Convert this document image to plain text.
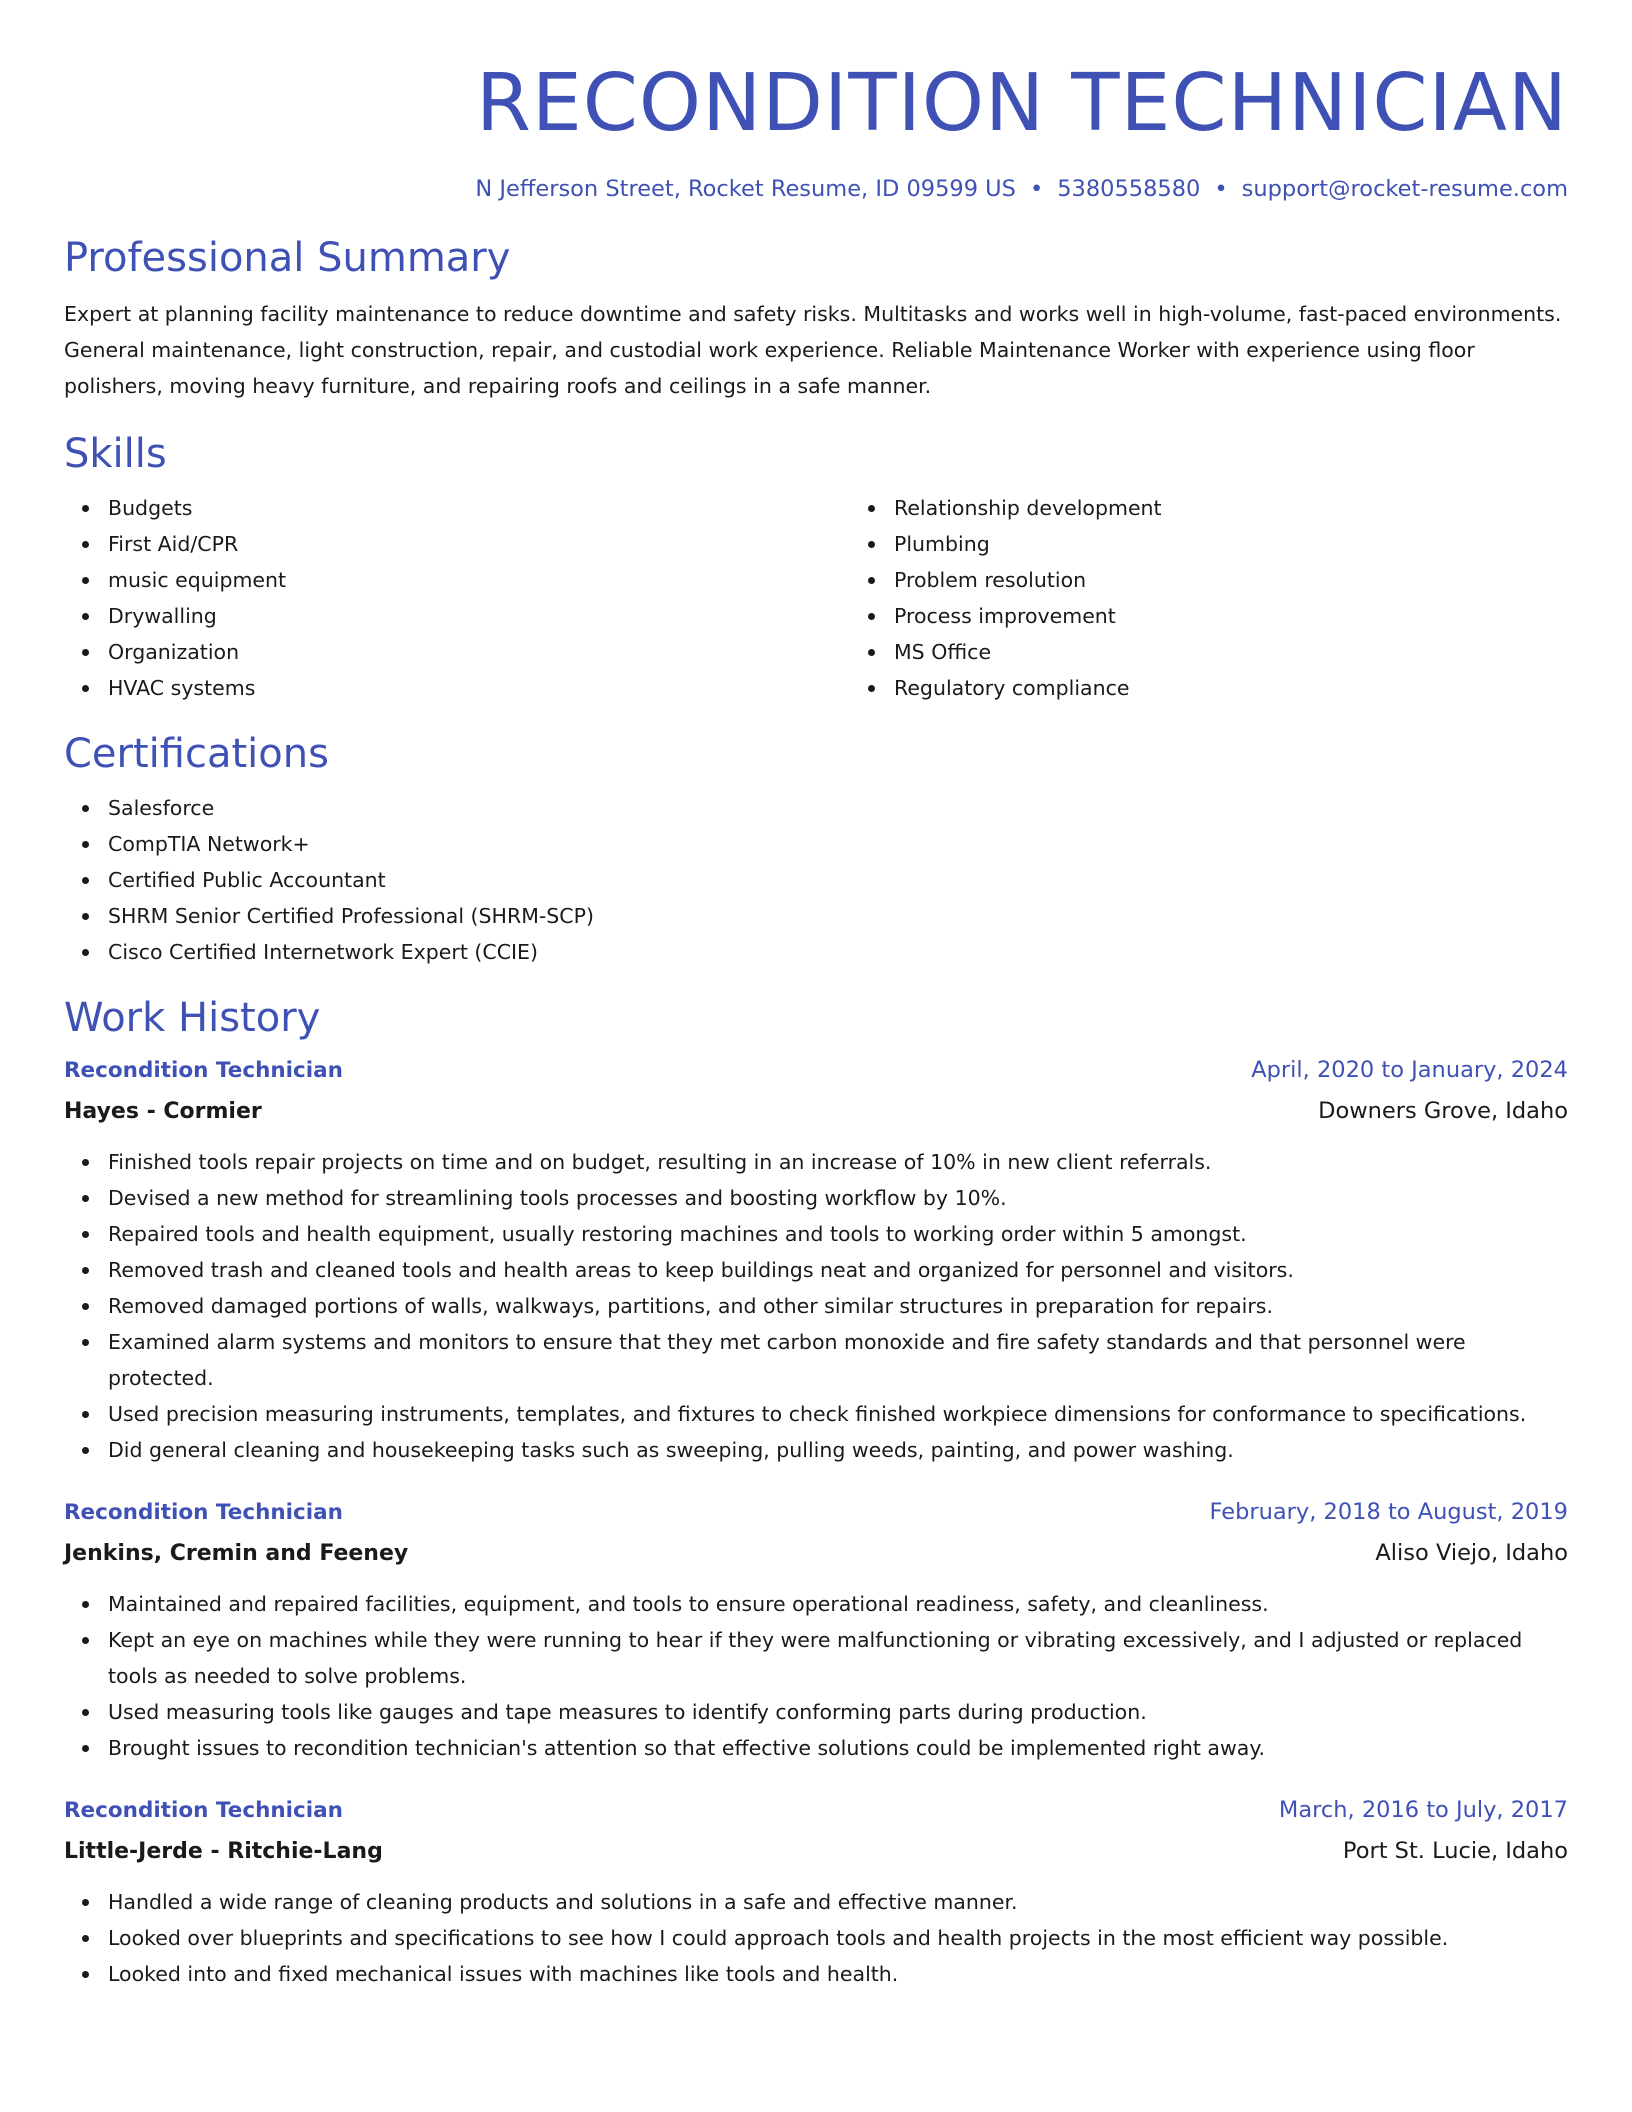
RECONDITION TECHNICIAN
N Jefferson Street, Rocket Resume, ID 09599 US • 5380558580 • support@rocket-resume.com
Professional Summary

Expert at planning facility maintenance to reduce downtime and safety risks. Multitasks and works well in high-volume, fast-paced environments. General maintenance, light construction, repair, and custodial work experience. Reliable Maintenance Worker with experience using floor polishers, moving heavy furniture, and repairing roofs and ceilings in a safe manner.

Skills
Budgets
First Aid/CPR
music equipment
Drywalling
Organization
HVAC systems
Relationship development
Plumbing
Problem resolution
Process improvement
MS Office
Regulatory compliance
Certifications
Salesforce
CompTIA Network+
Certified Public Accountant
SHRM Senior Certified Professional (SHRM-SCP)
Cisco Certified Internetwork Expert (CCIE)
Work History
Recondition Technician	April, 2020 to January, 2024
Hayes - Cormier	Downers Grove, Idaho
Finished tools repair projects on time and on budget, resulting in an increase of 10% in new client referrals.
Devised a new method for streamlining tools processes and boosting workflow by 10%.
Repaired tools and health equipment, usually restoring machines and tools to working order within 5 amongst.
Removed trash and cleaned tools and health areas to keep buildings neat and organized for personnel and visitors.
Removed damaged portions of walls, walkways, partitions, and other similar structures in preparation for repairs.
Examined alarm systems and monitors to ensure that they met carbon monoxide and fire safety standards and that personnel were protected.
Used precision measuring instruments, templates, and fixtures to check finished workpiece dimensions for conformance to specifications.
Did general cleaning and housekeeping tasks such as sweeping, pulling weeds, painting, and power washing.
Recondition Technician	February, 2018 to August, 2019
Jenkins, Cremin and Feeney	Aliso Viejo, Idaho
Maintained and repaired facilities, equipment, and tools to ensure operational readiness, safety, and cleanliness.
Kept an eye on machines while they were running to hear if they were malfunctioning or vibrating excessively, and I adjusted or replaced tools as needed to solve problems.
Used measuring tools like gauges and tape measures to identify conforming parts during production.
Brought issues to recondition technician's attention so that effective solutions could be implemented right away.
Recondition Technician	March, 2016 to July, 2017
Little-Jerde - Ritchie-Lang	Port St. Lucie, Idaho
Handled a wide range of cleaning products and solutions in a safe and effective manner.
Looked over blueprints and specifications to see how I could approach tools and health projects in the most efficient way possible.
Looked into and fixed mechanical issues with machines like tools and health.
